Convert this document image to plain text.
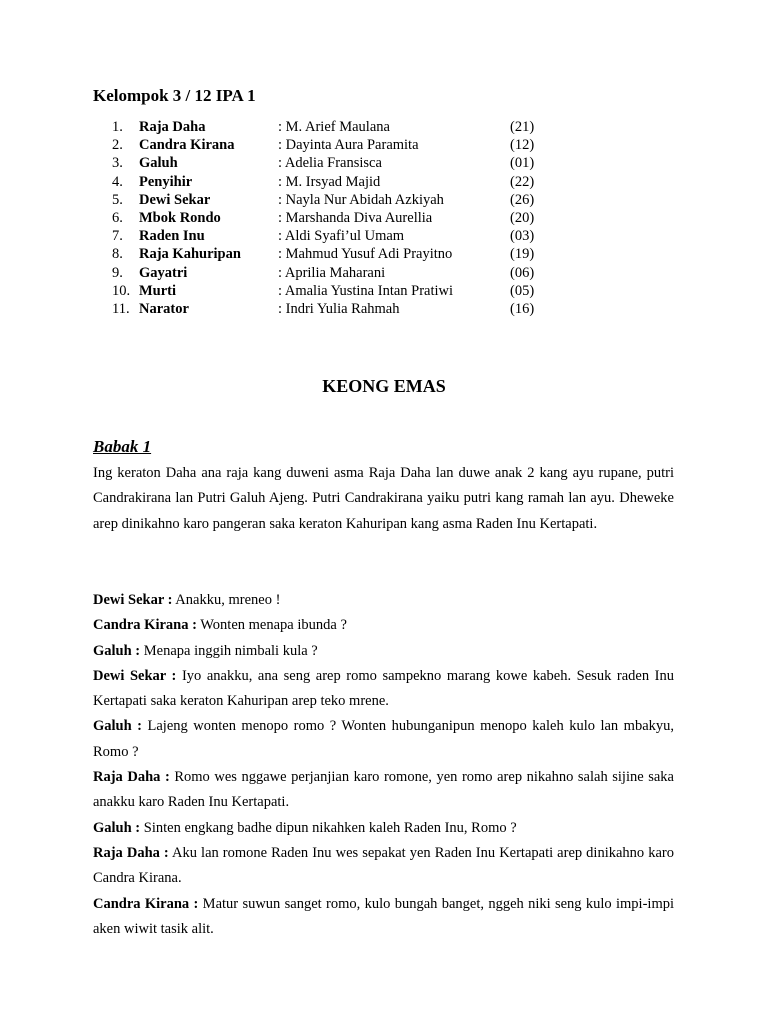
Kelompok 3 / 12 IPA 1
1.	Raja Daha	: M. Arief Maulana	(21)
2.	Candra Kirana	: Dayinta Aura Paramita	(12)
3.	Galuh	: Adelia Fransisca	(01)
4.	Penyihir	: M. Irsyad Majid	(22)
5.	Dewi Sekar	: Nayla Nur Abidah Azkiyah	(26)
6.	Mbok Rondo	: Marshanda Diva Aurellia	(20)
7.	Raden Inu	: Aldi Syafi’ul Umam	(03)
8.	Raja Kahuripan	: Mahmud Yusuf Adi Prayitno	(19)
9.	Gayatri	: Aprilia Maharani	(06)
10. Murti	: Amalia Yustina Intan Pratiwi	(05)
11. Narator	: Indri Yulia Rahmah	(16)
KEONG EMAS
Babak 1

Ing keraton Daha ana raja kang duweni asma Raja Daha lan duwe anak 2 kang ayu rupane, putri Candrakirana lan Putri Galuh Ajeng. Putri Candrakirana yaiku putri kang ramah lan ayu. Dheweke arep dinikahno karo pangeran saka keraton Kahuripan kang asma Raden Inu Kertapati.

Dewi Sekar : Anakku, mreneo !

Candra Kirana : Wonten menapa ibunda ?

Galuh : Menapa inggih nimbali kula ?

Dewi Sekar : Iyo anakku, ana seng arep romo sampekno marang kowe kabeh. Sesuk raden Inu Kertapati saka keraton Kahuripan arep teko mrene.

Galuh : Lajeng wonten menopo romo ? Wonten hubunganipun menopo kaleh kulo lan mbakyu, Romo ?

Raja Daha : Romo wes nggawe perjanjian karo romone, yen romo arep nikahno salah sijine saka anakku karo Raden Inu Kertapati.

Galuh : Sinten engkang badhe dipun nikahken kaleh Raden Inu, Romo ?

Raja Daha : Aku lan romone Raden Inu wes sepakat yen Raden Inu Kertapati arep dinikahno karo Candra Kirana.

Candra Kirana : Matur suwun sanget romo, kulo bungah banget, nggeh niki seng kulo impi-impi aken wiwit tasik alit.
